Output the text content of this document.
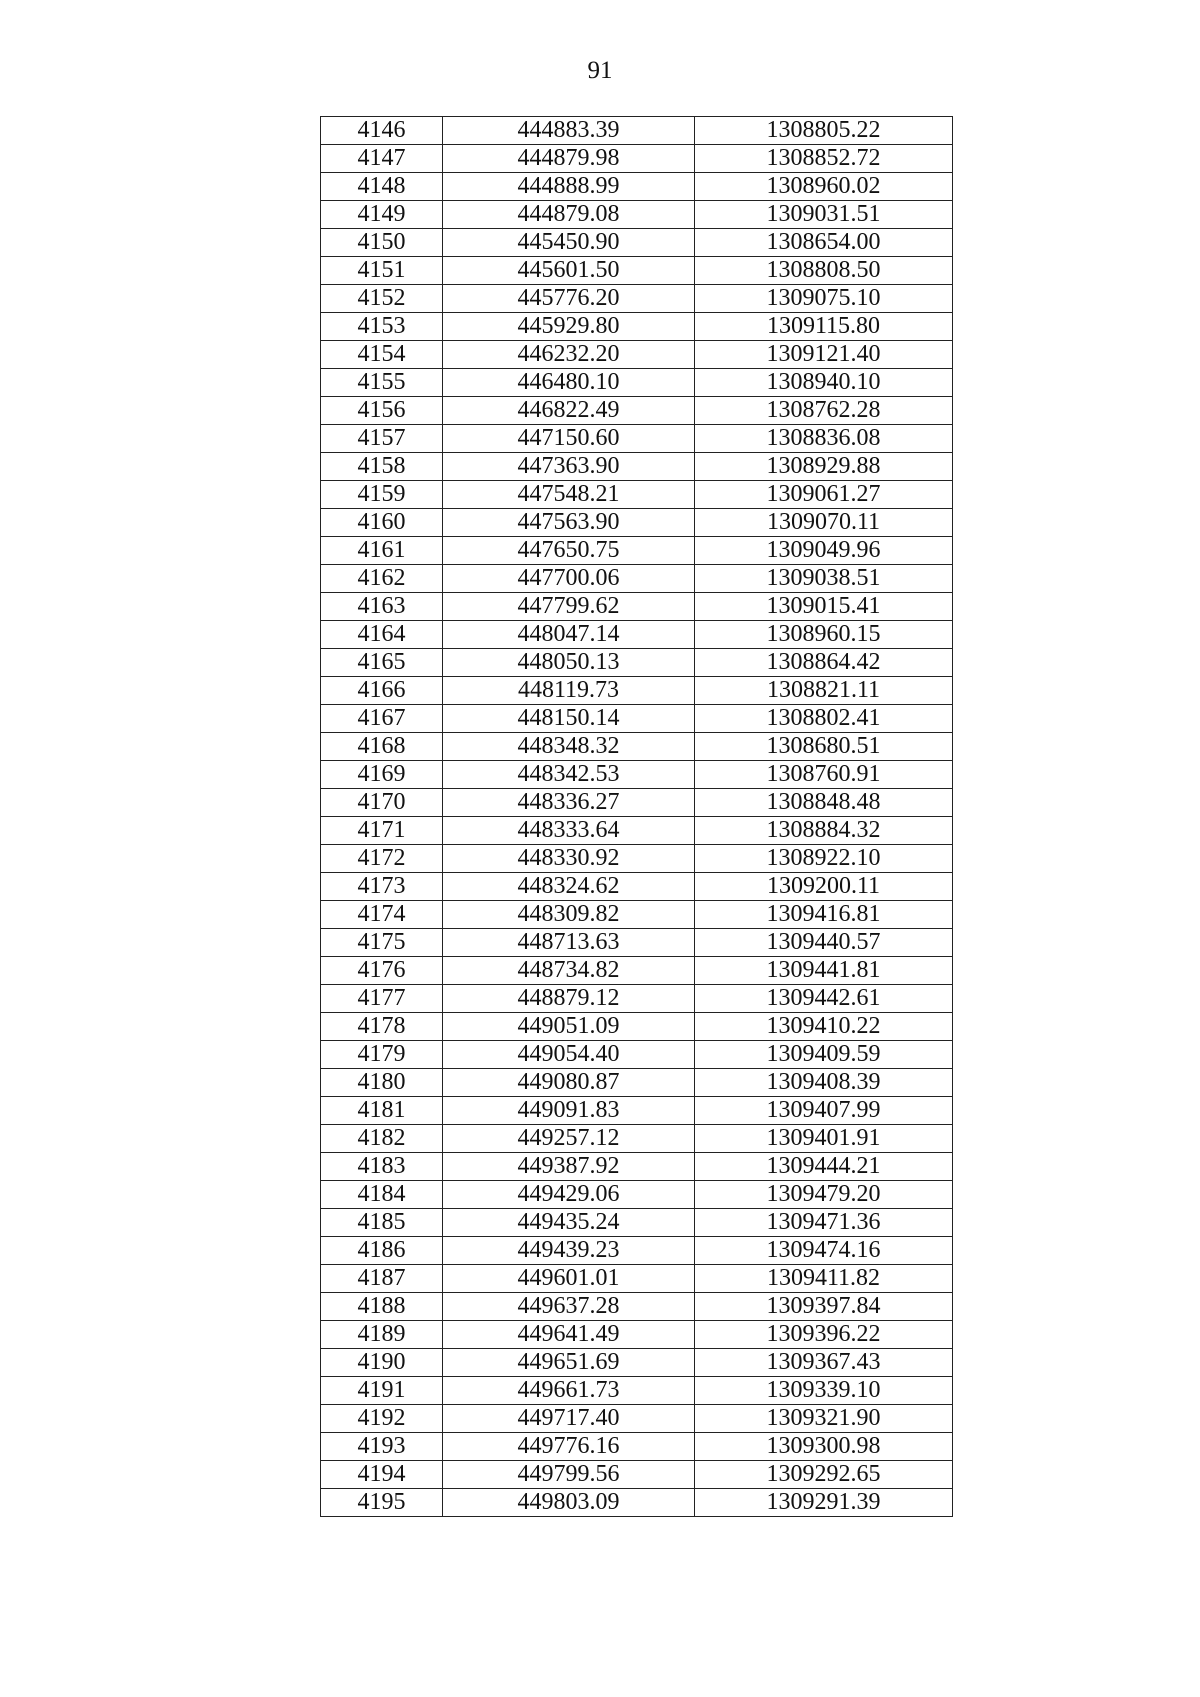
91
4146	444883.39	1308805.22
4147	444879.98	1308852.72
4148	444888.99	1308960.02
4149	444879.08	1309031.51
4150	445450.90	1308654.00
4151	445601.50	1308808.50
4152	445776.20	1309075.10
4153	445929.80	1309115.80
4154	446232.20	1309121.40
4155	446480.10	1308940.10
4156	446822.49	1308762.28
4157	447150.60	1308836.08
4158	447363.90	1308929.88
4159	447548.21	1309061.27
4160	447563.90	1309070.11
4161	447650.75	1309049.96
4162	447700.06	1309038.51
4163	447799.62	1309015.41
4164	448047.14	1308960.15
4165	448050.13	1308864.42
4166	448119.73	1308821.11
4167	448150.14	1308802.41
4168	448348.32	1308680.51
4169	448342.53	1308760.91
4170	448336.27	1308848.48
4171	448333.64	1308884.32
4172	448330.92	1308922.10
4173	448324.62	1309200.11
4174	448309.82	1309416.81
4175	448713.63	1309440.57
4176	448734.82	1309441.81
4177	448879.12	1309442.61
4178	449051.09	1309410.22
4179	449054.40	1309409.59
4180	449080.87	1309408.39
4181	449091.83	1309407.99
4182	449257.12	1309401.91
4183	449387.92	1309444.21
4184	449429.06	1309479.20
4185	449435.24	1309471.36
4186	449439.23	1309474.16
4187	449601.01	1309411.82
4188	449637.28	1309397.84
4189	449641.49	1309396.22
4190	449651.69	1309367.43
4191	449661.73	1309339.10
4192	449717.40	1309321.90
4193	449776.16	1309300.98
4194	449799.56	1309292.65
4195	449803.09	1309291.39
